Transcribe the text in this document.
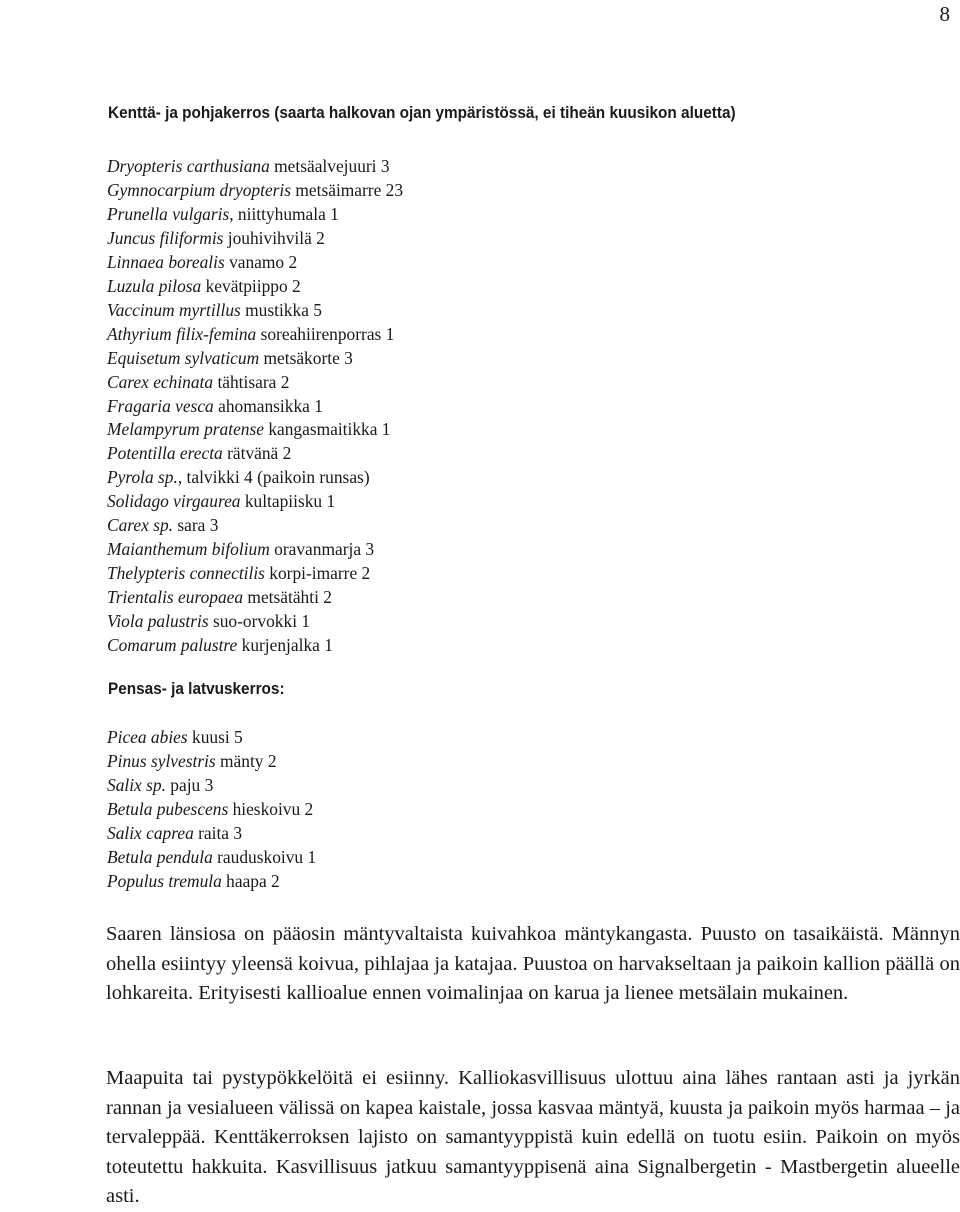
8
Kenttä- ja pohjakerros (saarta halkovan ojan ympäristössä, ei tiheän kuusikon aluetta)
Dryopteris carthusiana metsäalvejuuri 3
Gymnocarpium dryopteris metsäimarre 23
Prunella vulgaris, niittyhumala 1
Juncus filiformis jouhivihvilä 2
Linnaea borealis vanamo 2
Luzula pilosa kevätpiippo 2
Vaccinum myrtillus mustikka 5
Athyrium filix-femina soreahiirenporras 1
Equisetum sylvaticum metsäkorte 3
Carex echinata tähtisara 2
Fragaria vesca ahomansikka 1
Melampyrum pratense kangasmaitikka 1
Potentilla erecta rätvänä 2
Pyrola sp., talvikki 4 (paikoin runsas)
Solidago virgaurea kultapiisku 1
Carex sp. sara 3
Maianthemum bifolium oravanmarja 3
Thelypteris connectilis korpi-imarre 2
Trientalis europaea metsätähti 2
Viola palustris suo-orvokki 1
Comarum palustre kurjenjalka 1
Pensas- ja latvuskerros:
Picea abies kuusi 5
Pinus sylvestris mänty 2
Salix sp. paju 3
Betula pubescens hieskoivu 2
Salix caprea raita 3
Betula pendula rauduskoivu 1
Populus tremula haapa 2

Saaren länsiosa on pääosin mäntyvaltaista kuivahkoa mäntykangasta. Puusto on tasaikäistä. Männyn ohella esiintyy yleensä koivua, pihlajaa ja katajaa. Puustoa on harvakseltaan ja paikoin kallion päällä on lohkareita. Erityisesti kallioalue ennen voimalinjaa on karua ja lienee metsälain mukainen.

Maapuita tai pystypökkelöitä ei esiinny. Kalliokasvillisuus ulottuu aina lähes rantaan asti ja jyrkän rannan ja vesialueen välissä on kapea kaistale, jossa kasvaa mäntyä, kuusta ja paikoin myös harmaa – ja tervaleppää. Kenttäkerroksen lajisto on samantyyppistä kuin edellä on tuotu esiin. Paikoin on myös toteutettu hakkuita. Kasvillisuus jatkuu samantyyppisenä aina Signalbergetin - Mastbergetin alueelle asti.
